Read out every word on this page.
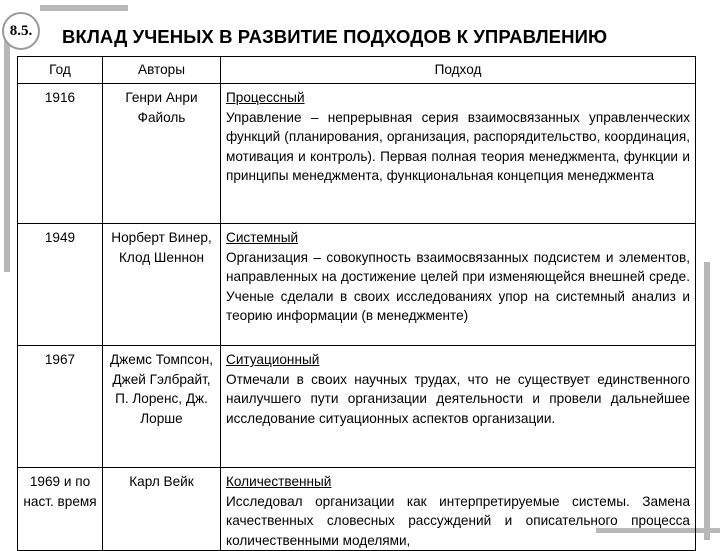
8.5.	ВКЛАД УЧЕНЫХ В РАЗВИТИЕ ПОДХОДОВ К УПРАВЛЕНИЮ
Год	Авторы	Подход
1916	Генри Анри Файоль	Процессный
Управление – непрерывная серия взаимосвязанных управленческих функций (планирования, организация, распорядительство, координация, мотивация и контроль). Первая полная теория менеджмента, функции и принципы менеджмента, функциональная концепция менеджмента
1949	Норберт Винер, Клод Шеннон	Системный
Организация – совокупность взаимосвязанных подсистем и элементов, направленных на достижение целей при изменяющейся внешней среде. Ученые сделали в своих исследованиях упор на системный анализ и теорию информации (в менеджменте)
1967	Джемс Томпсон, Джей Гэлбрайт, П. Лоренс, Дж. Лорше	Ситуационный
Отмечали в своих научных трудах, что не существует единственного наилучшего пути организации деятельности и провели дальнейшее исследование ситуационных аспектов организации.
1969 и по наст. время	Карл Вейк	Количественный
Исследовал организации как интерпретируемые системы. Замена качественных словесных рассуждений и описательного процесса количественными моделями,
